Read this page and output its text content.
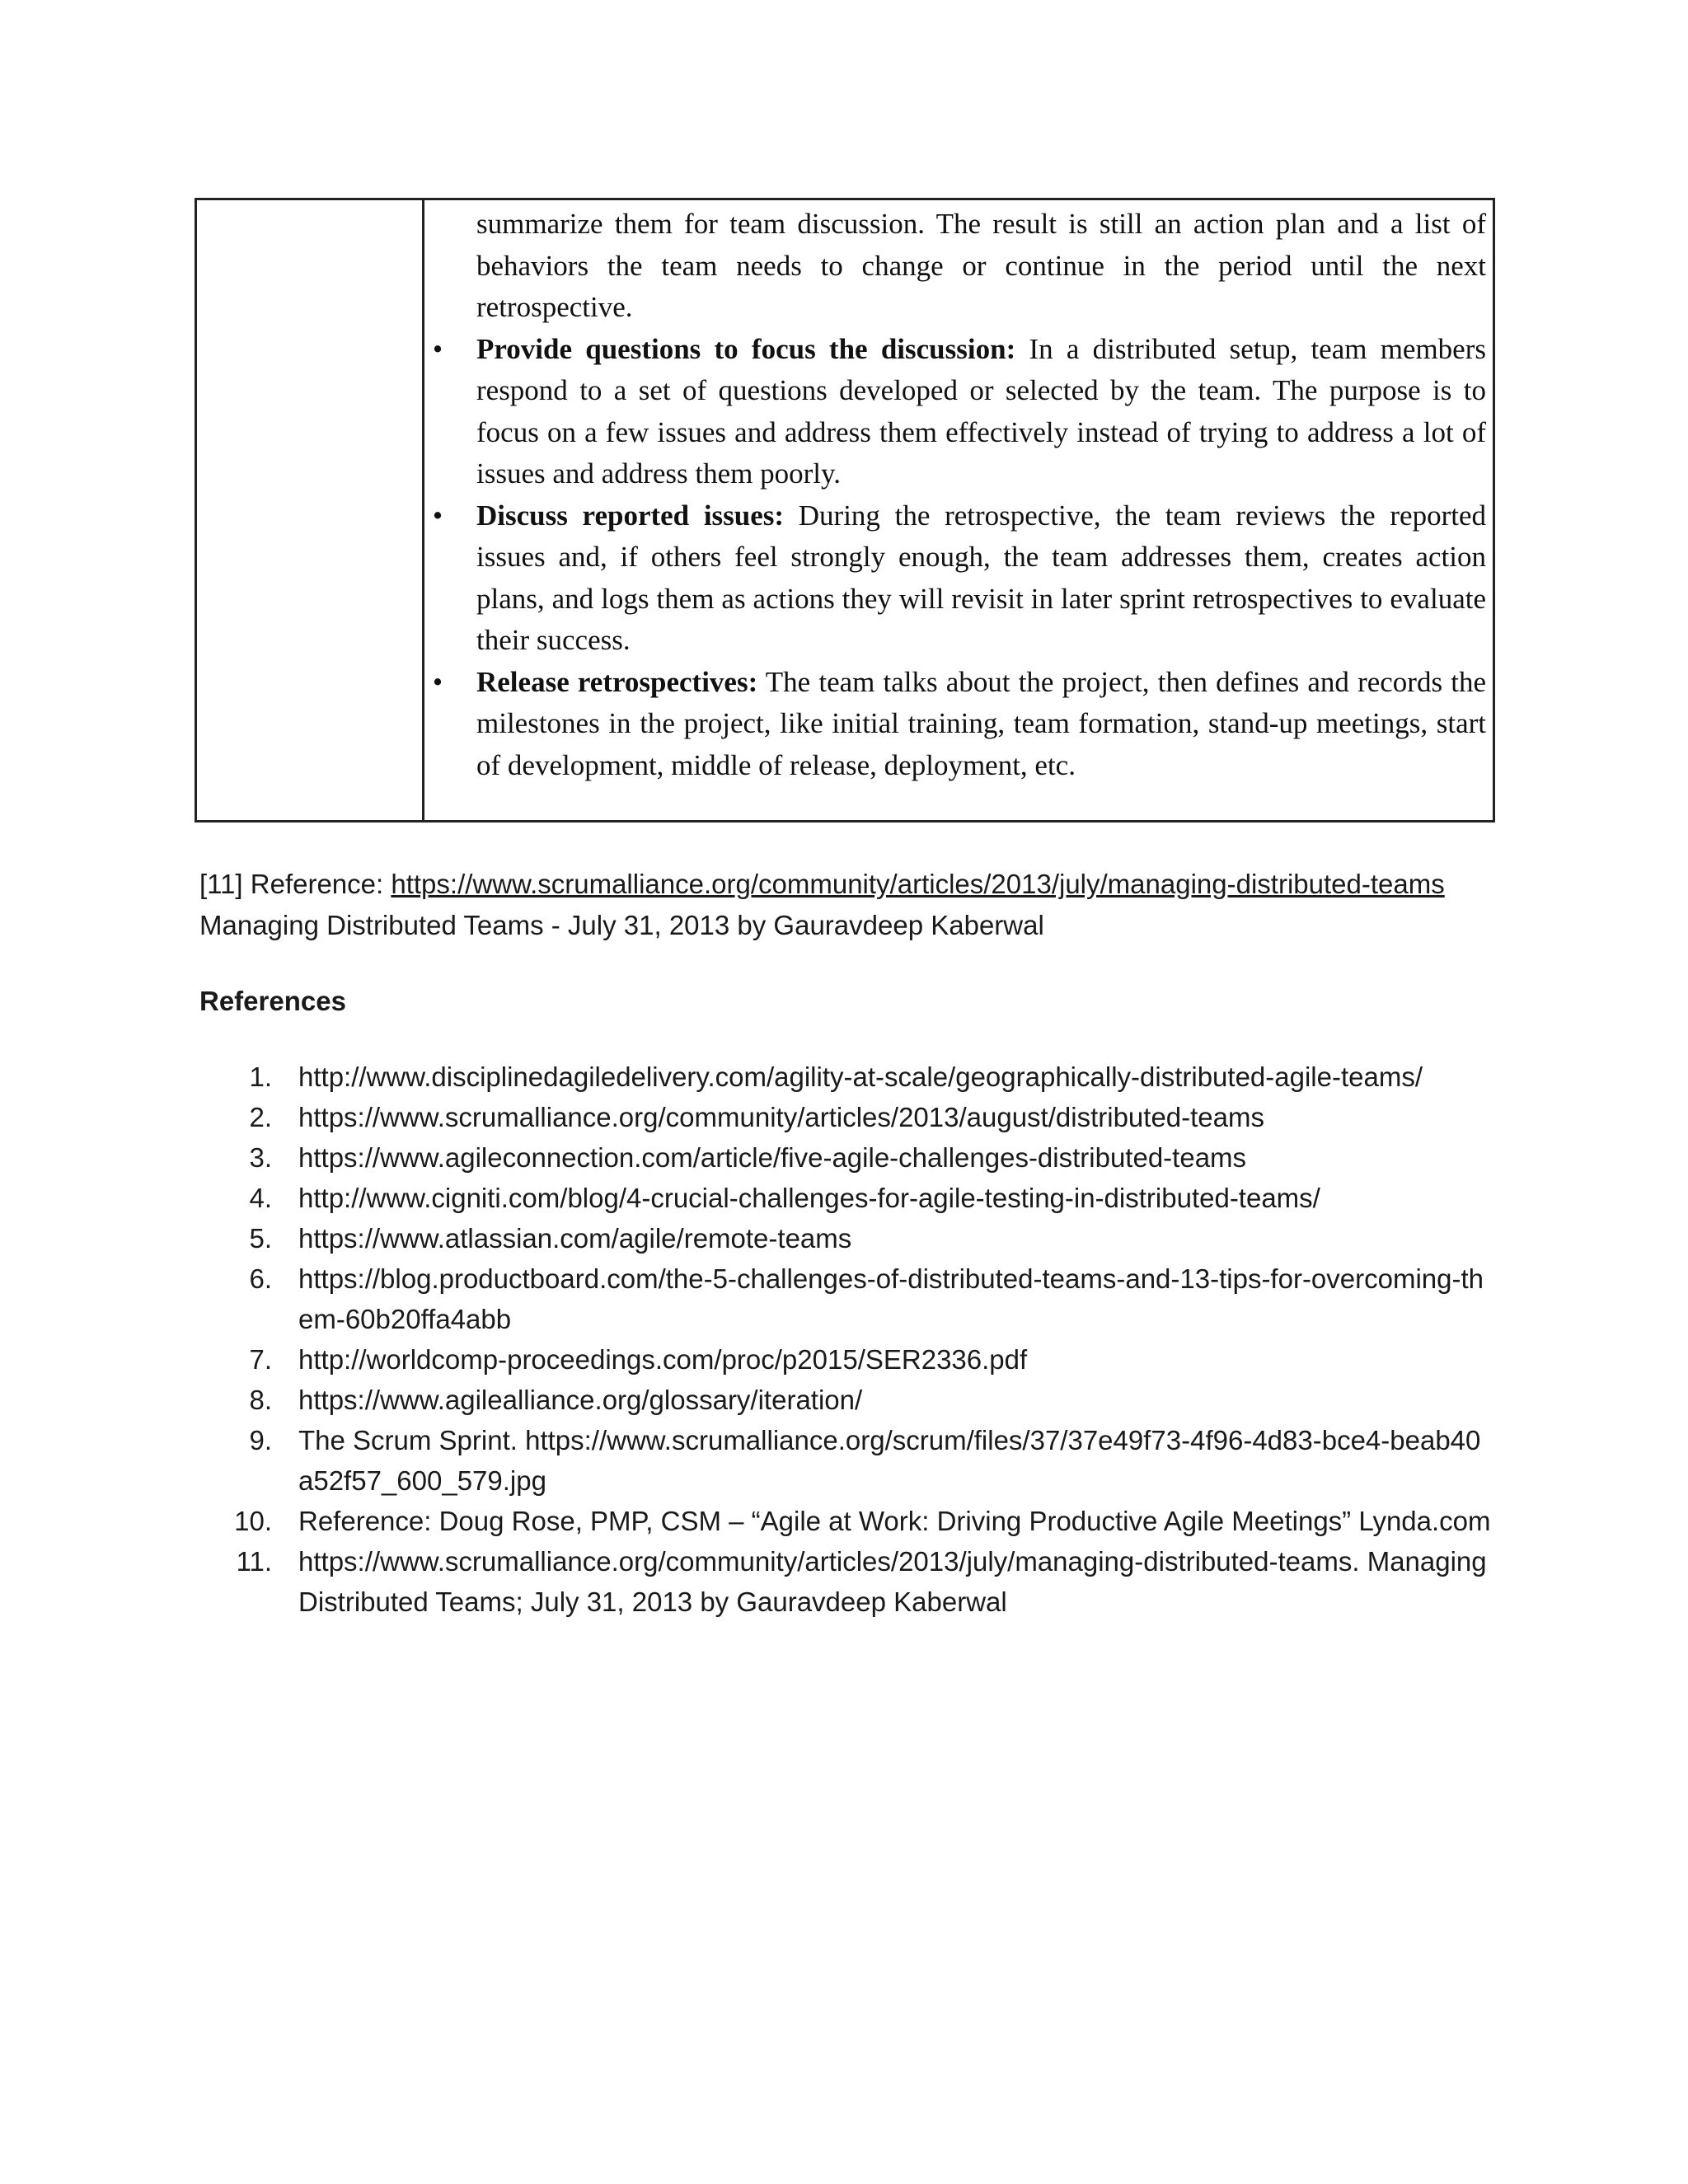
summarize them for team discussion. The result is still an action plan and a list of behaviors the team needs to change or continue in the period until the next retrospective.

• Provide questions to focus the discussion: In a distributed setup, team members respond to a set of questions developed or selected by the team. The purpose is to focus on a few issues and address them effectively instead of trying to address a lot of issues and address them poorly.
• Discuss reported issues: During the retrospective, the team reviews the reported issues and, if others feel strongly enough, the team addresses them, creates action plans, and logs them as actions they will revisit in later sprint retrospectives to evaluate their success.
• Release retrospectives: The team talks about the project, then defines and records the milestones in the project, like initial training, team formation, stand-up meetings, start of development, middle of release, deployment, etc.
[11] Reference: https://www.scrumalliance.org/community/articles/2013/july/managing-distributed-teams Managing Distributed Teams - July 31, 2013 by Gauravdeep Kaberwal
References
1. http://www.disciplinedagiledelivery.com/agility-at-scale/geographically-distributed-agile-teams/
2. https://www.scrumalliance.org/community/articles/2013/august/distributed-teams
3. https://www.agileconnection.com/article/five-agile-challenges-distributed-teams
4. http://www.cigniti.com/blog/4-crucial-challenges-for-agile-testing-in-distributed-teams/
5. https://www.atlassian.com/agile/remote-teams
6. https://blog.productboard.com/the-5-challenges-of-distributed-teams-and-13-tips-for-overcoming-them-60b20ffa4abb
7. http://worldcomp-proceedings.com/proc/p2015/SER2336.pdf
8. https://www.agilealliance.org/glossary/iteration/
9. The Scrum Sprint. https://www.scrumalliance.org/scrum/files/37/37e49f73-4f96-4d83-bce4-beab40a52f57_600_579.jpg
10. Reference: Doug Rose, PMP, CSM – “Agile at Work: Driving Productive Agile Meetings” Lynda.com
11. https://www.scrumalliance.org/community/articles/2013/july/managing-distributed-teams. Managing Distributed Teams; July 31, 2013 by Gauravdeep Kaberwal
